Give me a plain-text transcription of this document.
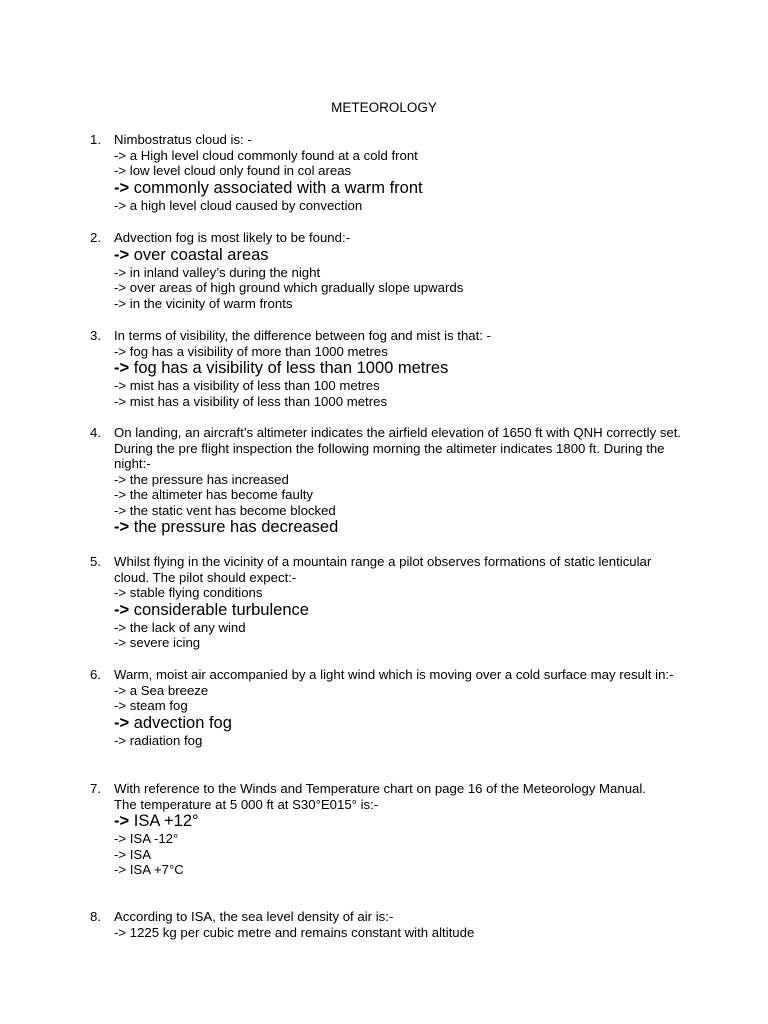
METEOROLOGY
1. Nimbostratus cloud is: -
-> a High level cloud commonly found at a cold front
-> low level cloud only found in col areas
-> commonly associated with a warm front
-> a high level cloud caused by convection
2. Advection fog is most likely to be found:-
-> over coastal areas
-> in inland valley’s during the night
-> over areas of high ground which gradually slope upwards
-> in the vicinity of warm fronts
3. In terms of visibility, the difference between fog and mist is that: -
-> fog has a visibility of more than 1000 metres
-> fog has a visibility of less than 1000 metres
-> mist has a visibility of less than 100 metres
-> mist has a visibility of less than 1000 metres
4. On landing, an aircraft’s altimeter indicates the airfield elevation of 1650 ft with QNH correctly set. During the pre flight inspection the following morning the altimeter indicates 1800 ft. During the night:-
-> the pressure has increased
-> the altimeter has become faulty
-> the static vent has become blocked
-> the pressure has decreased
5. Whilst flying in the vicinity of a mountain range a pilot observes formations of static lenticular cloud. The pilot should expect:-
-> stable flying conditions
-> considerable turbulence
-> the lack of any wind
-> severe icing
6. Warm, moist air accompanied by a light wind which is moving over a cold surface may result in:-
-> a Sea breeze
-> steam fog
-> advection fog
-> radiation fog
7. With reference to the Winds and Temperature chart on page 16 of the Meteorology Manual. The temperature at 5 000 ft at S30°E015° is:-
-> ISA +12°
-> ISA -12°
-> ISA
-> ISA +7°C
8. According to ISA, the sea level density of air is:-
-> 1225 kg per cubic metre and remains constant with altitude
